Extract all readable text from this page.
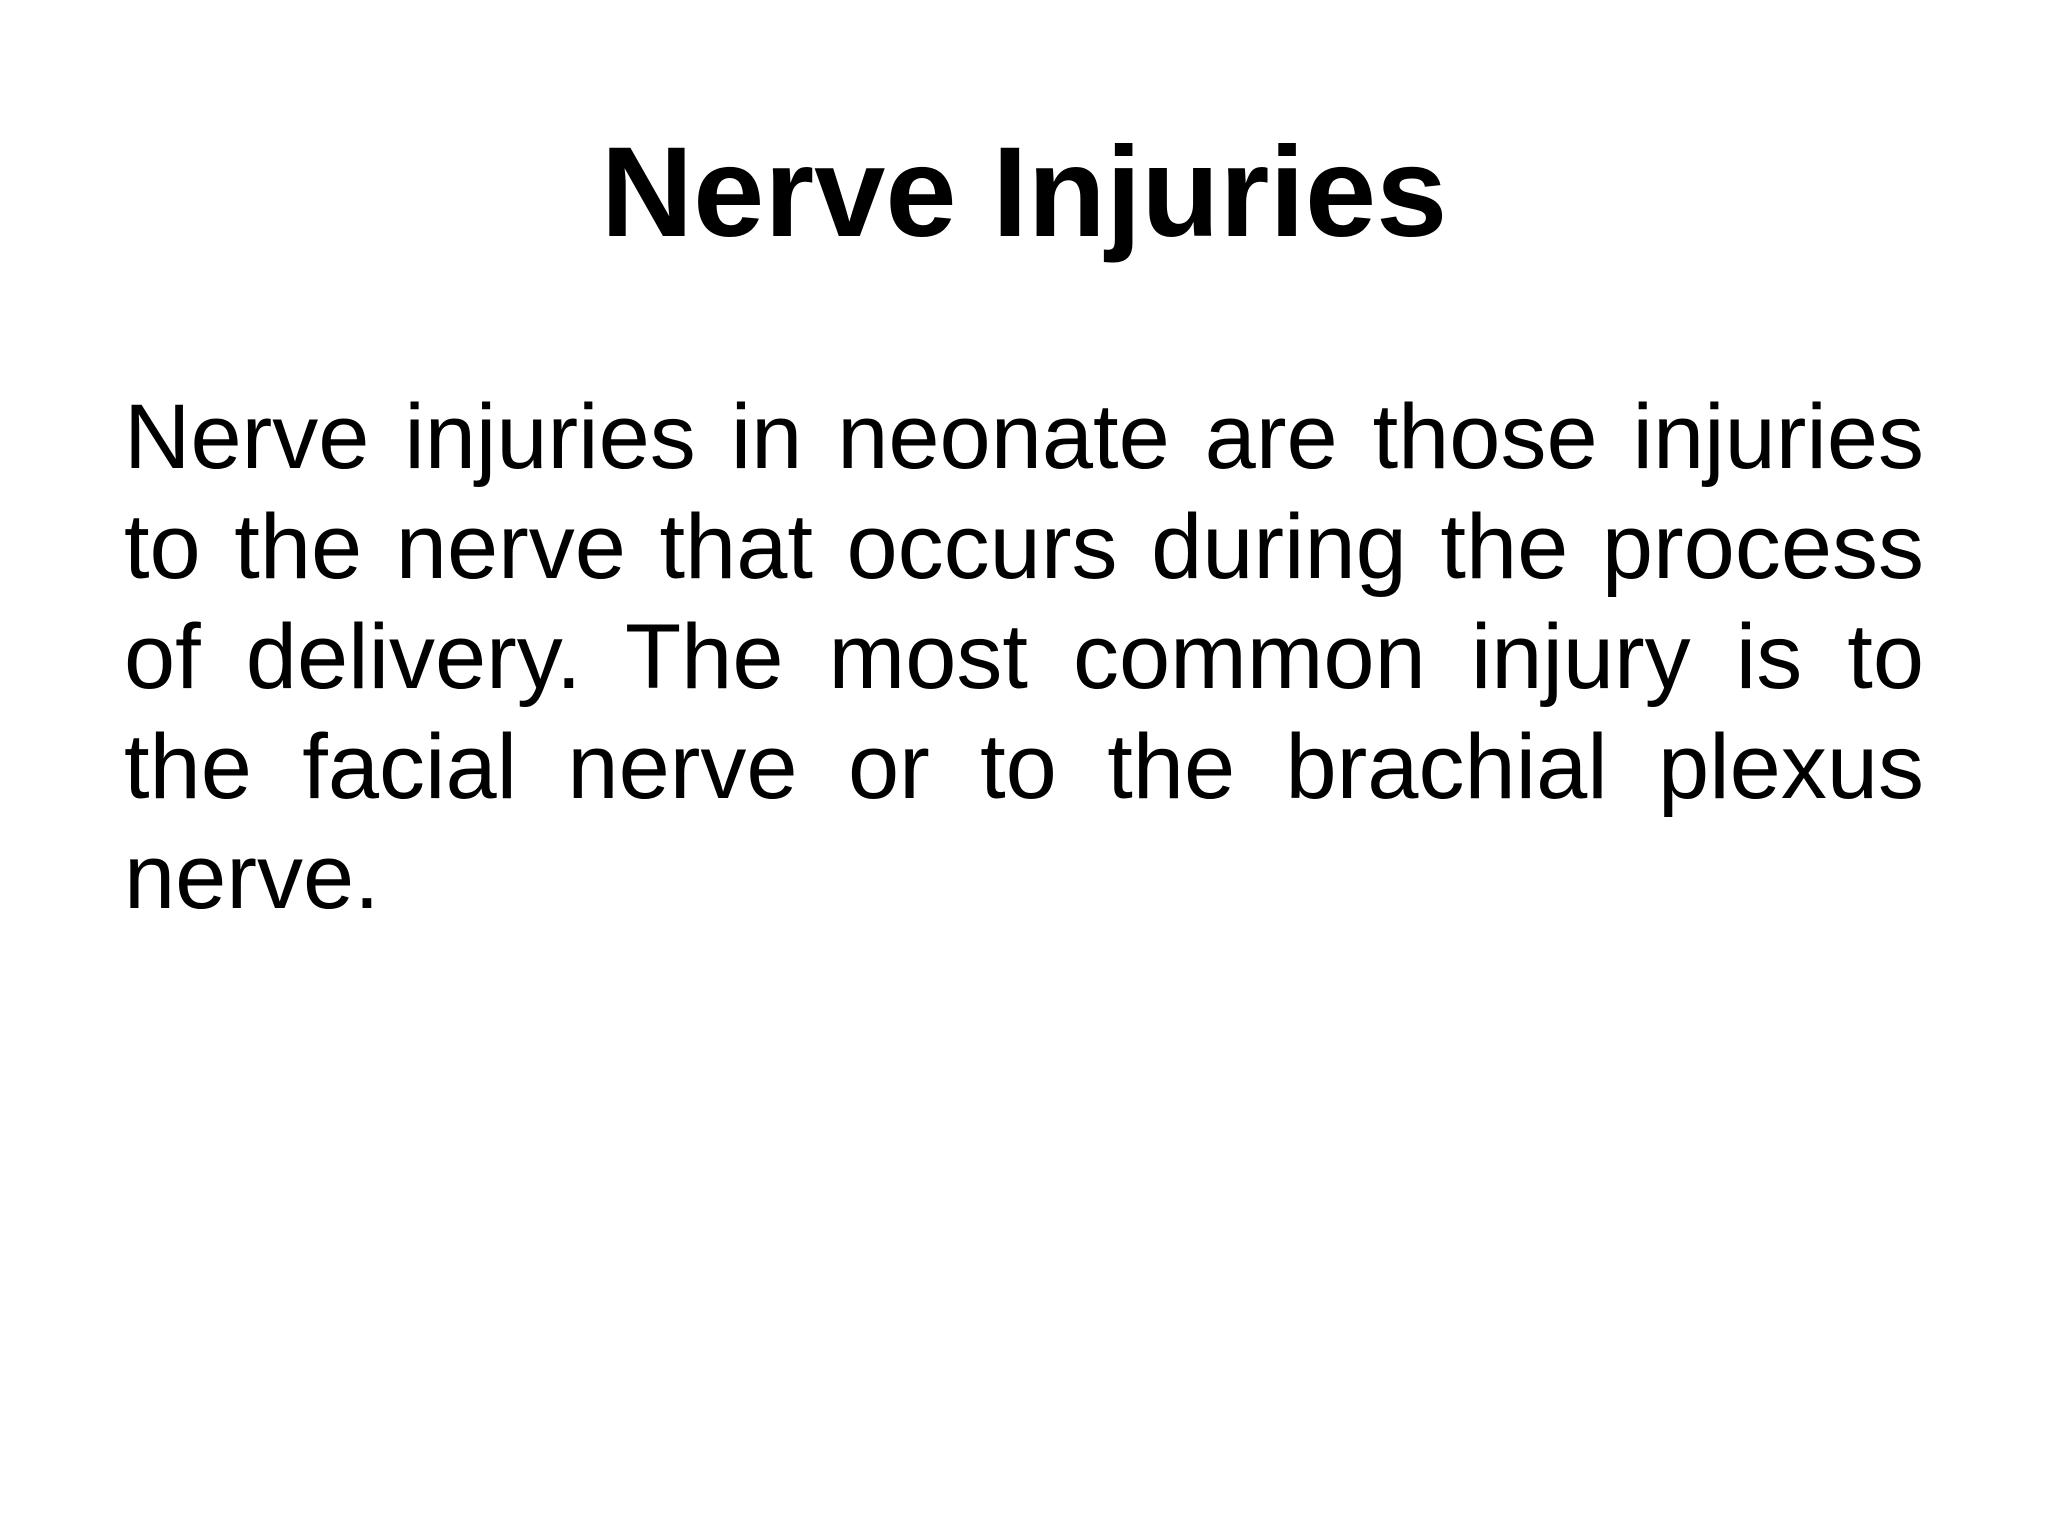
Nerve Injuries

Nerve injuries in neonate are those injuries to the nerve that occurs during the process of delivery. The most common injury is to the facial nerve or to the brachial plexus nerve.
